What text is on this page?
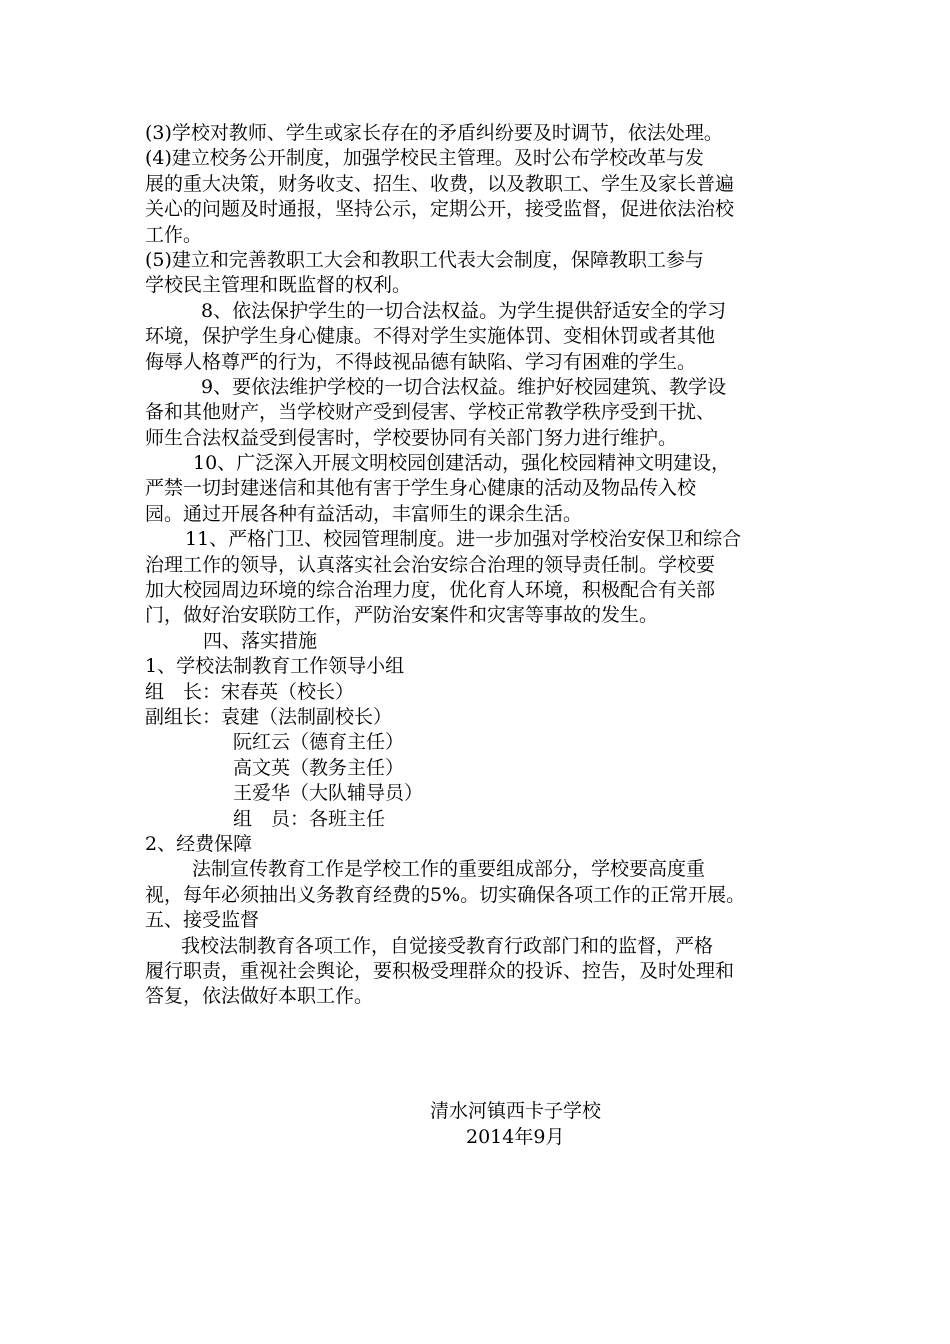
(3)学校对教师、学生或家长存在的矛盾纠纷要及时调节，依法处理。
(4)建立校务公开制度，加强学校民主管理。及时公布学校改革与发
展的重大决策，财务收支、招生、收费，以及教职工、学生及家长普遍
关心的问题及时通报，坚持公示，定期公开，接受监督，促进依法治校
工作。
(5)建立和完善教职工大会和教职工代表大会制度，保障教职工参与
学校民主管理和既监督的权利。
8、依法保护学生的一切合法权益。为学生提供舒适安全的学习
环境，保护学生身心健康。不得对学生实施体罚、变相休罚或者其他
侮辱人格尊严的行为，不得歧视品德有缺陷、学习有困难的学生。
9、要依法维护学校的一切合法权益。维护好校园建筑、教学设
备和其他财产，当学校财产受到侵害、学校正常教学秩序受到干扰、
师生合法权益受到侵害时，学校要协同有关部门努力进行维护。
10、广泛深入开展文明校园创建活动，强化校园精神文明建设，
严禁一切封建迷信和其他有害于学生身心健康的活动及物品传入校
园。通过开展各种有益活动，丰富师生的课余生活。
11、严格门卫、校园管理制度。进一步加强对学校治安保卫和综合
治理工作的领导，认真落实社会治安综合治理的领导责任制。学校要
加大校园周边环境的综合治理力度，优化育人环境，积极配合有关部
门，做好治安联防工作，严防治安案件和灾害等事故的发生。
四、落实措施
1、学校法制教育工作领导小组
组　长：宋春英（校长）
副组长：袁建（法制副校长）
阮红云（德育主任）
高文英（教务主任）
王爱华（大队辅导员）
组　员：各班主任
2、经费保障
　法制宣传教育工作是学校工作的重要组成部分，学校要高度重
视，每年必须抽出义务教育经费的5%。切实确保各项工作的正常开展。
五、接受监督
我校法制教育各项工作，自觉接受教育行政部门和的监督，严格
履行职责，重视社会舆论，要积极受理群众的投诉、控告，及时处理和
答复，依法做好本职工作。
清水河镇西卡子学校
2014年9月
